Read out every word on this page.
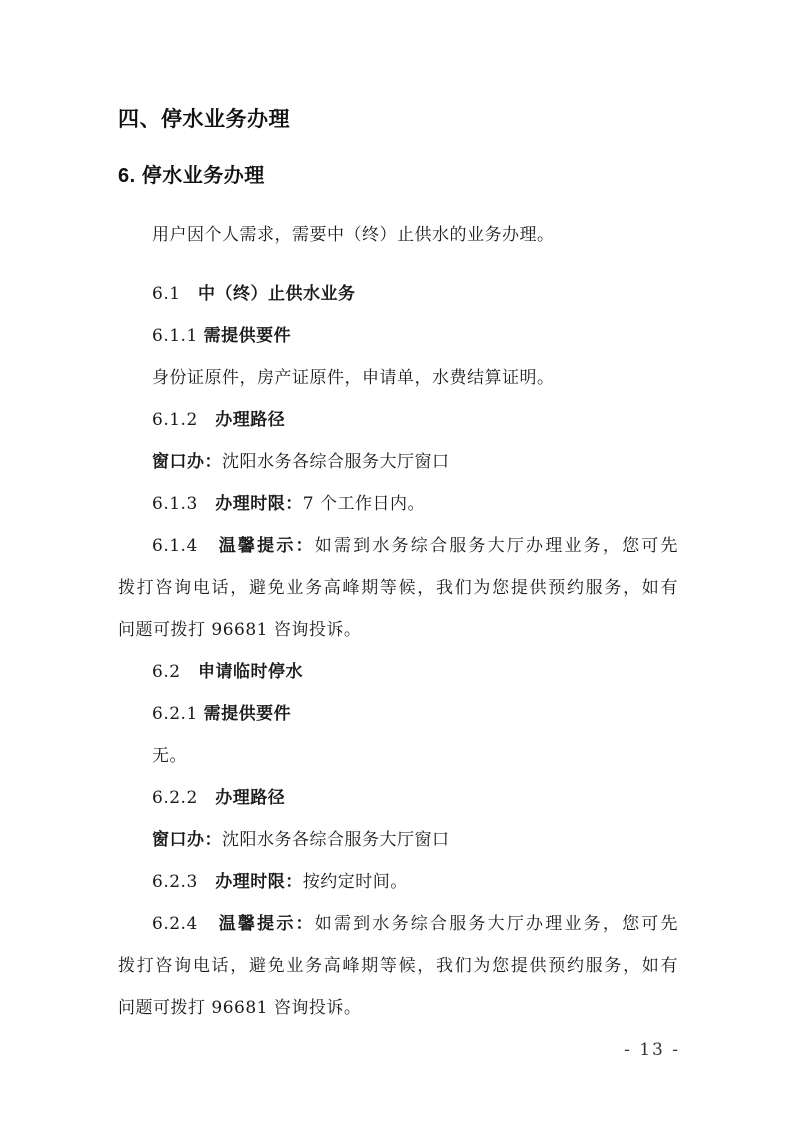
四、停水业务办理
6. 停水业务办理

用户因个人需求，需要中（终）止供水的业务办理。

6.1　中（终）止供水业务

6.1.1 需提供要件

身份证原件，房产证原件，申请单，水费结算证明。

6.1.2　办理路径

窗口办：沈阳水务各综合服务大厅窗口

6.1.3　办理时限：7 个工作日内。

6.1.4　温馨提示：如需到水务综合服务大厅办理业务，您可先

拨打咨询电话，避免业务高峰期等候，我们为您提供预约服务，如有

问题可拨打 96681 咨询投诉。

6.2　申请临时停水

6.2.1 需提供要件

无。

6.2.2　办理路径

窗口办：沈阳水务各综合服务大厅窗口

6.2.3　办理时限：按约定时间。

6.2.4　温馨提示：如需到水务综合服务大厅办理业务，您可先

拨打咨询电话，避免业务高峰期等候，我们为您提供预约服务，如有

问题可拨打 96681 咨询投诉。

- 13 -
